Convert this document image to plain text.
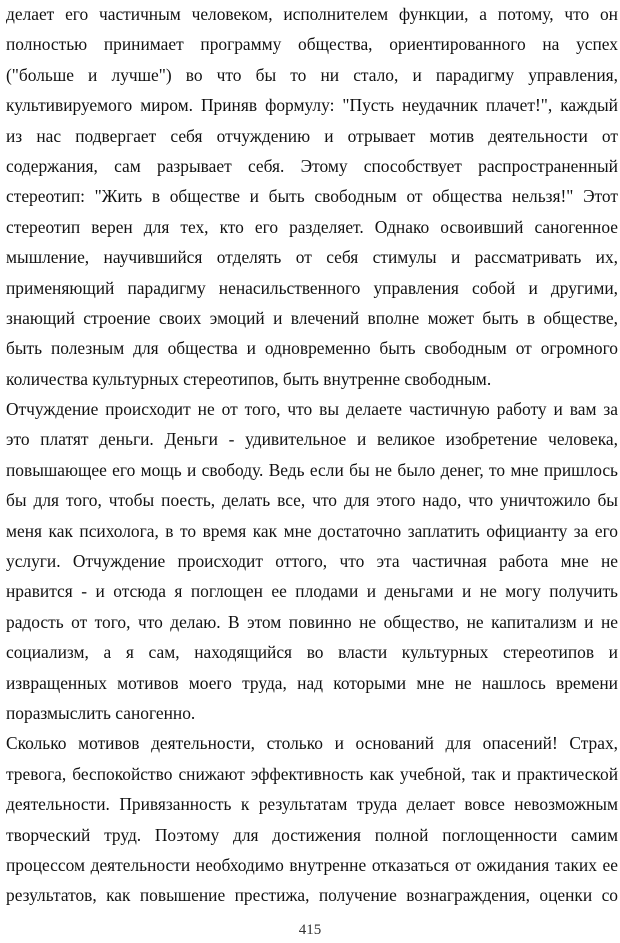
делает его частичным человеком, исполнителем функции, а потому, что он
полностью принимает программу общества, ориентированного на успех
("больше и лучше") во что бы то ни стало, и парадигму управления,
культивируемого миром. Приняв формулу: "Пусть неудачник плачет!", каждый
из нас подвергает себя отчуждению и отрывает мотив деятельности от
содержания, сам разрывает себя. Этому способствует распространенный
стереотип: "Жить в обществе и быть свободным от общества нельзя!" Этот
стереотип верен для тех, кто его разделяет. Однако освоивший саногенное
мышление, научившийся отделять от себя стимулы и рассматривать их,
применяющий парадигму ненасильственного управления собой и другими,
знающий строение своих эмоций и влечений вполне может быть в обществе,
быть полезным для общества и одновременно быть свободным от огромного
количества культурных стереотипов, быть внутренне свободным.
Отчуждение происходит не от того, что вы делаете частичную работу и вам за
это платят деньги. Деньги - удивительное и великое изобретение человека,
повышающее его мощь и свободу. Ведь если бы не было денег, то мне пришлось
бы для того, чтобы поесть, делать все, что для этого надо, что уничтожило бы
меня как психолога, в то время как мне достаточно заплатить официанту за его
услуги. Отчуждение происходит оттого, что эта частичная работа мне не
нравится - и отсюда я поглощен ее плодами и деньгами и не могу получить
радость от того, что делаю. В этом повинно не общество, не капитализм и не
социализм, а я сам, находящийся во власти культурных стереотипов и
извращенных мотивов моего труда, над которыми мне не нашлось времени
поразмыслить саногенно.
Сколько мотивов деятельности, столько и оснований для опасений! Страх,
тревога, беспокойство снижают эффективность как учебной, так и практической
деятельности. Привязанность к результатам труда делает вовсе невозможным
творческий труд. Поэтому для достижения полной поглощенности самим
процессом деятельности необходимо внутренне отказаться от ожидания таких ее
результатов, как повышение престижа, получение вознаграждения, оценки со
415
